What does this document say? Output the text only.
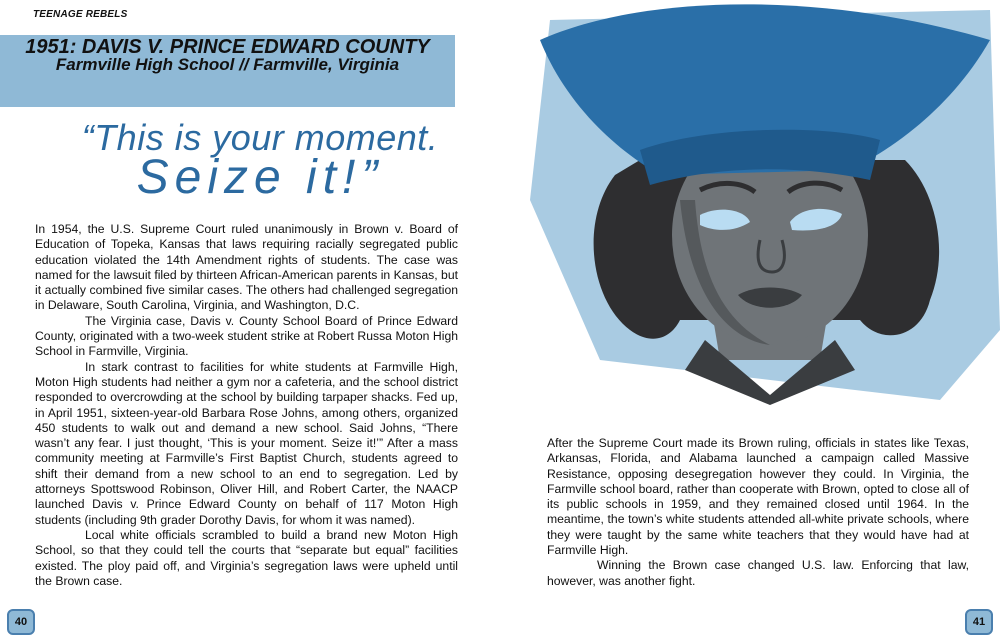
TEENAGE REBELS
1951: DAVIS V. PRINCE EDWARD COUNTY
Farmville High School // Farmville, Virginia
“This is your moment.
Seize it!”

In 1954, the U.S. Supreme Court ruled unanimously in Brown v. Board of Education of Topeka, Kansas that laws requiring racially segregated public education violated the 14th Amendment rights of students. The case was named for the lawsuit filed by thirteen African-American parents in Kansas, but it actually combined five similar cases. The others had challenged segregation in Delaware, South Carolina, Virginia, and Washington, D.C.

The Virginia case, Davis v. County School Board of Prince Edward County, originated with a two-week student strike at Robert Russa Moton High School in Farmville, Virginia.

In stark contrast to facilities for white students at Farmville High, Moton High students had neither a gym nor a cafeteria, and the school district responded to overcrowding at the school by building tarpaper shacks. Fed up, in April 1951, sixteen-year-old Barbara Rose Johns, among others, organized 450 students to walk out and demand a new school. Said Johns, “There wasn’t any fear. I just thought, ‘This is your moment. Seize it!’” After a mass community meeting at Farmville’s First Baptist Church, students agreed to shift their demand from a new school to an end to segregation. Led by attorneys Spottswood Robinson, Oliver Hill, and Robert Carter, the NAACP launched Davis v. Prince Edward County on behalf of 117 Moton High students (including 9th grader Dorothy Davis, for whom it was named).

Local white officials scrambled to build a brand new Moton High School, so that they could tell the courts that “separate but equal” facilities existed. The ploy paid off, and Virginia’s segregation laws were upheld until the Brown case.

40

After the Supreme Court made its Brown ruling, officials in states like Texas, Arkansas, Florida, and Alabama launched a campaign called Massive Resistance, opposing desegregation however they could. In Virginia, the Farmville school board, rather than cooperate with Brown, opted to close all of its public schools in 1959, and they remained closed until 1964. In the meantime, the town’s white students attended all-white private schools, where they were taught by the same white teachers that they would have had at Farmville High.

Winning the Brown case changed U.S. law. Enforcing that law, however, was another fight.

41
